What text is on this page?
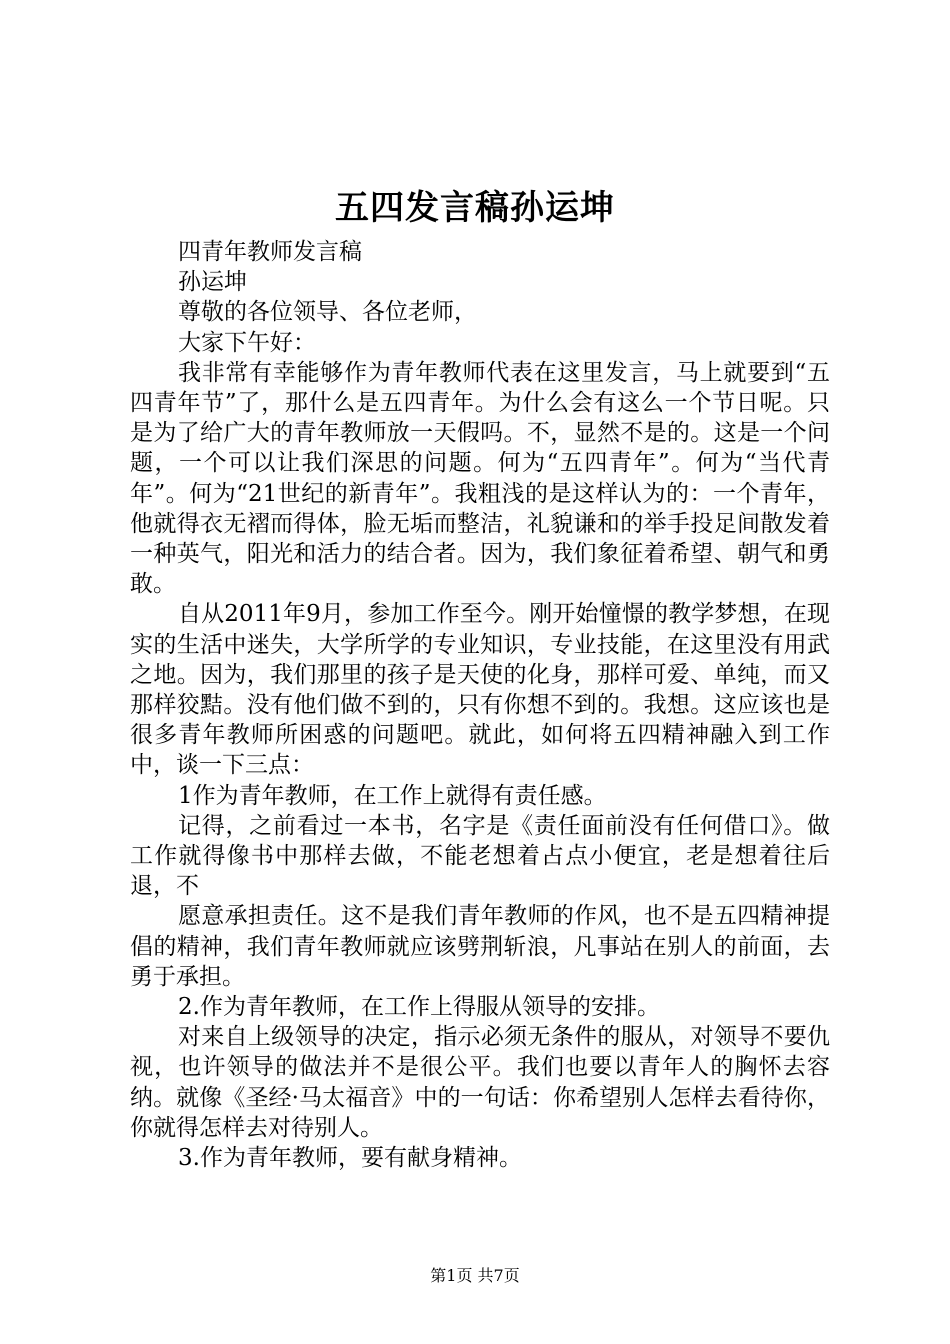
五四发言稿孙运坤

四青年教师发言稿

孙运坤

尊敬的各位领导、各位老师，

大家下午好：

我非常有幸能够作为青年教师代表在这里发言，马上就要到“五四青年节”了，那什么是五四青年。为什么会有这么一个节日呢。只是为了给广大的青年教师放一天假吗。不，显然不是的。这是一个问题，一个可以让我们深思的问题。何为“五四青年”。何为“当代青年”。何为“21世纪的新青年”。我粗浅的是这样认为的：一个青年，他就得衣无褶而得体，脸无垢而整洁，礼貌谦和的举手投足间散发着一种英气，阳光和活力的结合者。因为，我们象征着希望、朝气和勇敢。

自从2011年9月，参加工作至今。刚开始憧憬的教学梦想，在现实的生活中迷失，大学所学的专业知识，专业技能，在这里没有用武之地。因为，我们那里的孩子是天使的化身，那样可爱、单纯，而又那样狡黠。没有他们做不到的，只有你想不到的。我想。这应该也是很多青年教师所困惑的问题吧。就此，如何将五四精神融入到工作中，谈一下三点：

1作为青年教师，在工作上就得有责任感。

记得，之前看过一本书，名字是《责任面前没有任何借口》。做工作就得像书中那样去做，不能老想着占点小便宜，老是想着往后退，不

愿意承担责任。这不是我们青年教师的作风，也不是五四精神提倡的精神，我们青年教师就应该劈荆斩浪，凡事站在别人的前面，去勇于承担。

2.作为青年教师，在工作上得服从领导的安排。

对来自上级领导的决定，指示必须无条件的服从，对领导不要仇视，也许领导的做法并不是很公平。我们也要以青年人的胸怀去容纳。就像《圣经·马太福音》中的一句话：你希望别人怎样去看待你，你就得怎样去对待别人。

3.作为青年教师，要有献身精神。

第1页 共7页
